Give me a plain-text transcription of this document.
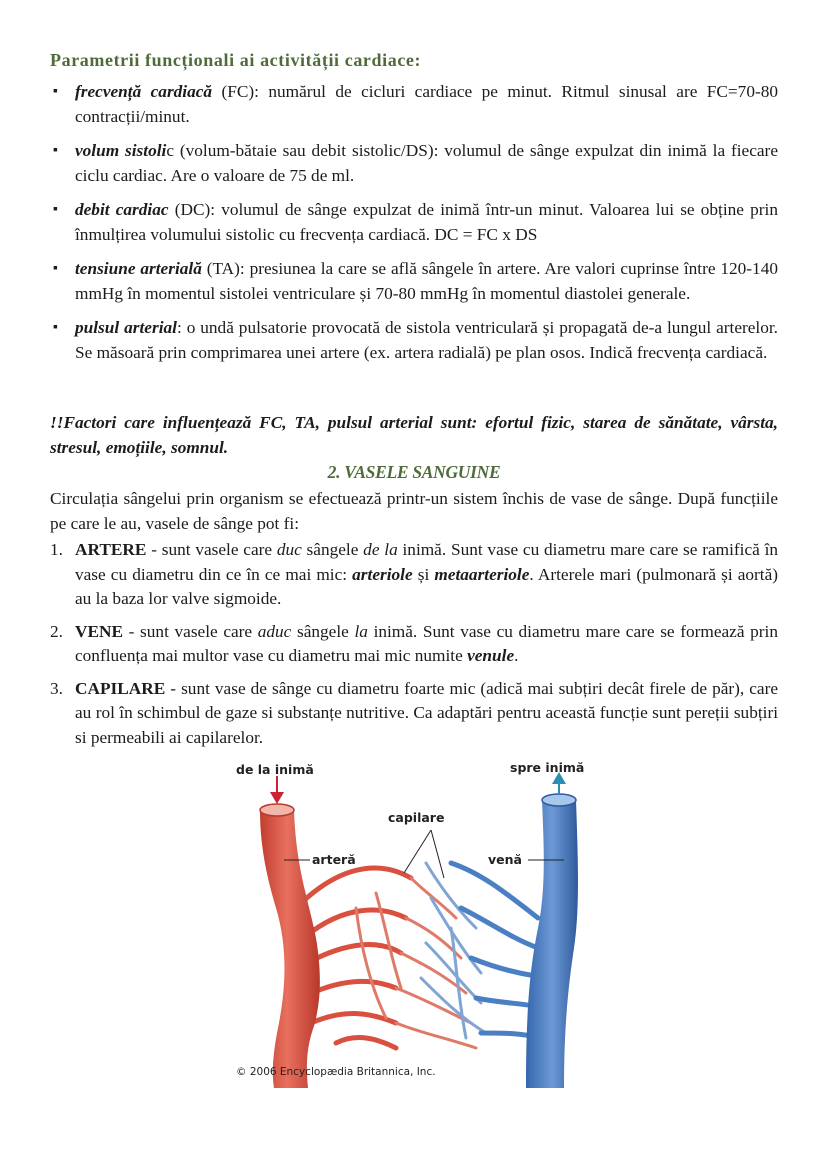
Parametrii funcționali ai activității cardiace:
▪ frecvență cardiacă (FC): numărul de cicluri cardiace pe minut. Ritmul sinusal are FC=70-80 contracții/minut.
▪ volum sistolic (volum-bătaie sau debit sistolic/DS): volumul de sânge expulzat din inimă la fiecare ciclu cardiac. Are o valoare de 75 de ml.
▪ debit cardiac (DC): volumul de sânge expulzat de inimă într-un minut. Valoarea lui se obține prin înmulțirea volumului sistolic cu frecvența cardiacă. DC = FC x DS
▪ tensiune arterială (TA): presiunea la care se află sângele în artere. Are valori cuprinse între 120-140 mmHg în momentul sistolei ventriculare și 70-80 mmHg în momentul diastolei generale.
▪ pulsul arterial: o undă pulsatorie provocată de sistola ventriculară și propagată de-a lungul arterelor. Se măsoară prin comprimarea unei artere (ex. artera radială) pe plan osos. Indică frecvența cardiacă.

!!Factori care influențează FC, TA, pulsul arterial sunt: efortul fizic, starea de sănătate, vârsta, stresul, emoțiile, somnul.

2. VASELE SANGUINE

Circulația sângelui prin organism se efectuează printr-un sistem închis de vase de sânge. După funcțiile pe care le au, vasele de sânge pot fi:

1. ARTERE - sunt vasele care duc sângele de la inimă. Sunt vase cu diametru mare care se ramifică în vase cu diametru din ce în ce mai mic: arteriole și metaarteriole. Arterele mari (pulmonară și aortă) au la baza lor valve sigmoide.
2. VENE - sunt vasele care aduc sângele la inimă. Sunt vase cu diametru mare care se formează prin confluența mai multor vase cu diametru mai mic numite venule.
3. CAPILARE - sunt vase de sânge cu diametru foarte mic (adică mai subțiri decât firele de păr), care au rol în schimbul de gaze si substanțe nutritive. Ca adaptări pentru această funcție sunt pereții subțiri si permeabili ai capilarelor.
de la inimă	spre inimă
capilare
arteră	venă
© 2006 Encyclopædia Britannica, Inc.
